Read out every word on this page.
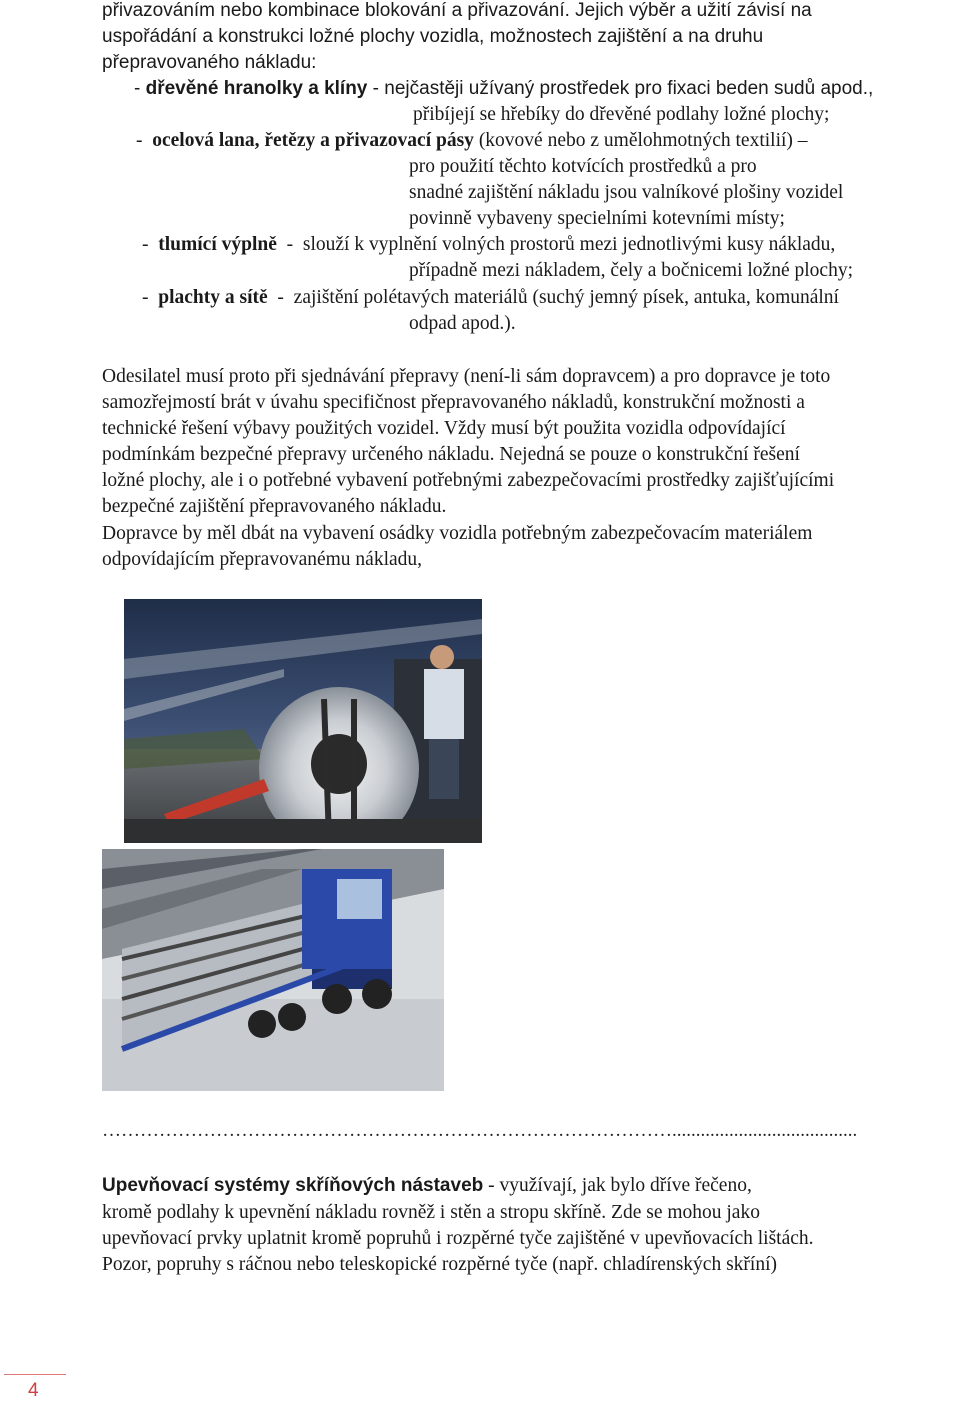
přivazováním nebo kombinace blokování a přivazování. Jejich výběr a užití závisí na
uspořádání a konstrukci ložné plochy vozidla, možnostech zajištění a na druhu
přepravovaného nákladu:
- dřevěné hranolky a klíny - nejčastěji užívaný prostředek pro fixaci beden sudů apod.,
přibíjejí se hřebíky do dřevěné podlahy ložné plochy;
- ocelová lana, řetězy a přivazovací pásy (kovové nebo z umělohmotných textilií) –
pro použití těchto kotvících prostředků a pro
snadné zajištění nákladu jsou valníkové plošiny vozidel
povinně vybaveny specielními kotevními místy;
- tlumící výplně - slouží k vyplnění volných prostorů mezi jednotlivými kusy nákladu,
případně mezi nákladem, čely a bočnicemi ložné plochy;
- plachty a sítě - zajištění polétavých materiálů (suchý jemný písek, antuka, komunální
odpad apod.).
Odesilatel musí proto při sjednávání přepravy (není-li sám dopravcem) a pro dopravce je toto
samozřejmostí brát v úvahu specifičnost přepravovaného nákladů, konstrukční možnosti a
technické řešení výbavy použitých vozidel. Vždy musí být použita vozidla odpovídající
podmínkám bezpečné přepravy určeného nákladu. Nejedná se pouze o konstrukční řešení
ložné plochy, ale i o potřebné vybavení potřebnými zabezpečovacími prostředky zajišťujícími
bezpečné zajištění přepravovaného nákladu.
Dopravce by měl dbát na vybavení osádky vozidla potřebným zabezpečovacím materiálem
odpovídajícím přepravovanému nákladu,
……………………………………………………………………………….......................................
Upevňovací systémy skříňových nástaveb - využívají, jak bylo dříve řečeno,
kromě podlahy k upevnění nákladu rovněž i stěn a stropu skříně. Zde se mohou jako
upevňovací prvky uplatnit kromě popruhů i rozpěrné tyče zajištěné v upevňovacích lištách.
Pozor, popruhy s ráčnou nebo teleskopické rozpěrné tyče (např. chladírenských skříní)
4
